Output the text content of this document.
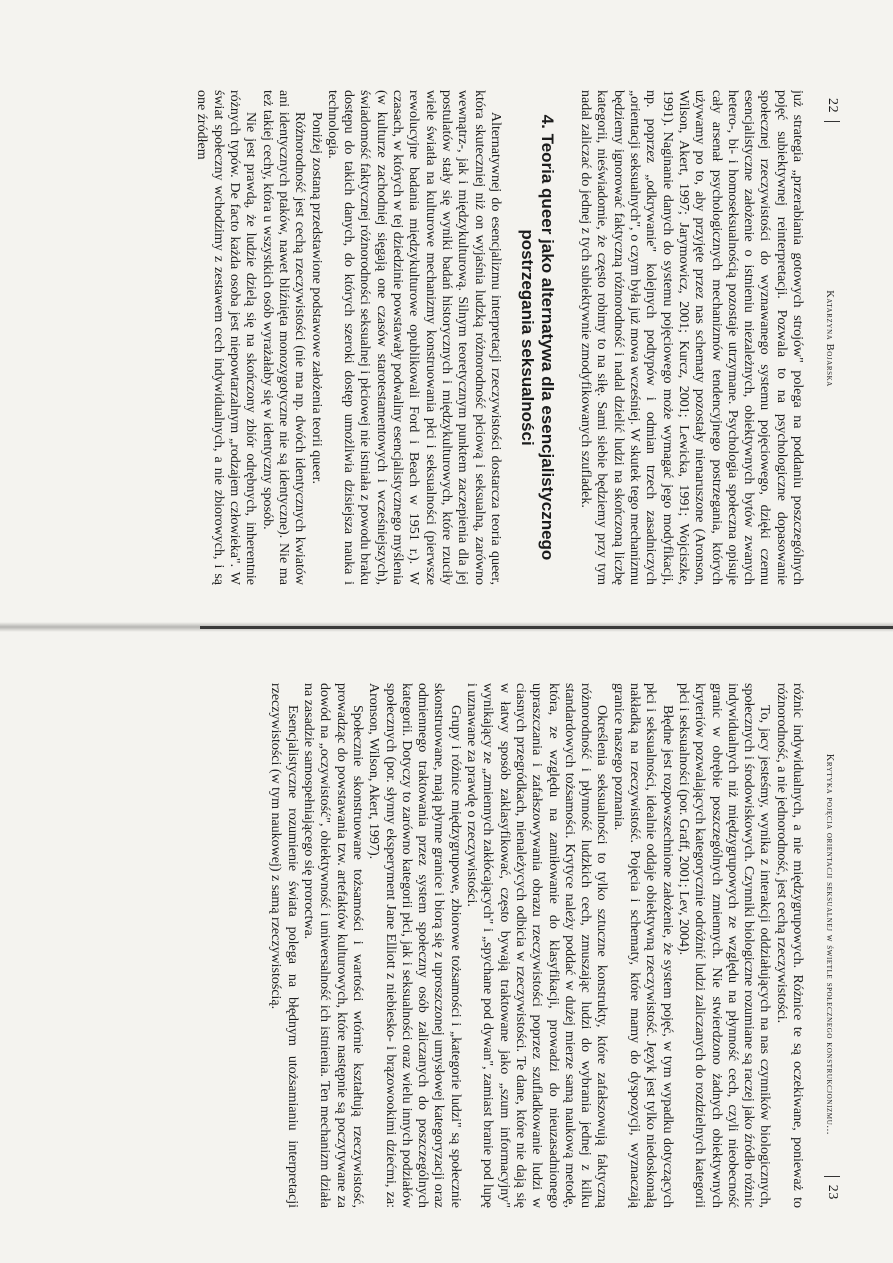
22
Katarzyna Bojarska

już strategia „przerabiania gotowych strojów" polega na poddaniu poszczególnych pojęć subiektywnej reinterpretacji. Pozwala to na psychologiczne dopasowanie społecznej rzeczywistości do wyznawanego systemu pojęciowego, dzięki czemu esencjalistyczne założenie o istnieniu niezależnych, obiektywnych bytów zwanych hetero-, bi- i homoseksualnością pozostaje utrzymane. Psychologia społeczna opisuje cały arsenał psychologicznych mechanizmów tendencyjnego postrzegania, których używamy po to, aby przyjęte przez nas schematy pozostały nienaruszone (Aronson, Wilson, Akert, 1997; Jarymowicz, 2001; Kurcz, 2001; Lewicka, 1991; Wojciszke, 1991). Naginanie danych do systemu pojęciowego może wymagać jego modyfikacji, np. poprzez „odkrywanie" kolejnych podtypów i odmian trzech zasadniczych „orientacji seksualnych", o czym była już mowa wcześniej. W skutek tego mechanizmu będziemy ignorować faktyczną różnorodność i nadal dzielić ludzi na skończoną liczbę kategorii, nieświadomie, że często robimy to na siłę. Sami siebie będziemy przy tym nadal zaliczać do jednej z tych subiektywnie zmodyfikowanych szufladek.

4. Teoria queer jako alternatywa dla esencjalistycznego postrzegania seksualności

Alternatywnej do esencjalizmu interpretacji rzeczywistości dostarcza teoria queer, która skuteczniej niż on wyjaśnia ludzką różnorodność płciową i seksualną, zarówno wewnątrz-, jak i międzykulturową. Silnym teoretycznym punktem zaczepienia dla jej postulatów stały się wyniki badań historycznych i międzykulturowych, które rzuciły wiele światła na kulturowe mechanizmy konstruowania płci i seksualności (pierwsze rewolucyjne badania międzykulturowe opublikowali Ford i Beach w 1951 r.). W czasach, w których w tej dziedzinie powstawały podwaliny esencjalistycznego myślenia (w kulturze zachodniej sięgają one czasów starotestamentowych i wcześniejszych), świadomość faktycznej różnorodności seksualnej i płciowej nie istniała z powodu braku dostępu do takich danych, do których szeroki dostęp umożliwia dzisiejsza nauka i technologia.

Poniżej zostaną przedstawione podstawowe założenia teorii queer.

Różnorodność jest cechą rzeczywistości (nie ma np. dwóch identycznych kwiatów ani identycznych ptaków, nawet bliźnięta monozygotyczne nie są identyczne). Nie ma też takiej cechy, która u wszystkich osób wyrażałaby się w identyczny sposób.

Nie jest prawdą, że ludzie dzielą się na skończony zbiór odrębnych, inherentnie różnych typów. De facto każda osoba jest niepowtarzalnym „rodzajem człowieka". W świat społeczny wchodzimy z zestawem cech indywidualnych, a nie zbiorowych, i są one źródłem

Krytyka pojęcia orientacji seksualnej w świetle społecznego konstrukcjonizmu...
23

różnic indywidualnych, a nie międzygrupowych. Różnice te są oczekiwane, ponieważ to różnorodność, a nie jednorodność, jest cechą rzeczywistości.

To, jacy jesteśmy, wynika z interakcji oddziałujących na nas czynników biologicznych, społecznych i środowiskowych. Czynniki biologiczne rozumiane są raczej jako źródło różnic indywidualnych niż międzygrupowych ze względu na płynność cech, czyli nieobecność granic w obrębie poszczególnych zmiennych. Nie stwierdzono żadnych obiektywnych kryteriów pozwalających kategorycznie odróżnić ludzi zaliczanych do rozdzielnych kategorii płci i seksualności (por. Graff, 2001; Lev, 2004).

Błędne jest rozpowszechnione założenie, że system pojęć, w tym wypadku dotyczących płci i seksualności, idealnie oddaje obiektywną rzeczywistość. Język jest tylko niedoskonałą nakładką na rzeczywistość. Pojęcia i schematy, które mamy do dyspozycji, wyznaczają granice naszego poznania.

Określenia seksualności to tylko sztuczne konstrukty, które zafałszowują faktyczną różnorodność i płynność ludzkich cech, zmuszając ludzi do wybrania jednej z kilku standardowych tożsamości. Krytyce należy poddać w dużej mierze samą naukową metodę, która, ze względu na zamiłowanie do klasyfikacji, prowadzi do nieuzasadnionego upraszczania i zafałszowywania obrazu rzeczywistości poprzez szufladkowanie ludzi w ciasnych przegródkach, nienależycych odbicia w rzeczywistości. Te dane, które nie dają się w łatwy sposób zaklasyfikować, często bywają traktowane jako „szum informacyjny" wynikający ze „zmiennych zakłócających" i „spychane pod dywan", zamiast branie pod lupę i uznawane za prawdę o rzeczywistości.

Grupy i różnice międzygrupowe, zbiorowe tożsamości i „kategorie ludzi" są społecznie skonstruowane, mają płynne granice i biorą się z uproszczonej umysłowej kategoryzacji oraz odmiennego traktowania przez system społeczny osób zaliczanych do poszczególnych kategorii. Dotyczy to zarówno kategorii płci, jak i seksualności oraz wielu innych podziałów społecznych (por. słynny eksperyment Jane Elliott z niebiesko- i brązowookimi dziećmi, za: Aronson, Wilson, Akert, 1997).

Społecznie skonstruowane tożsamości i wartości wtórnie kształtują rzeczywistość, prowadząc do powstawania tzw. artefaktów kulturowych, które następnie są poczytywane za dowód na „oczywistość", obiektywność i uniwersalność ich istnienia. Ten mechanizm działa na zasadzie samospełniającego się proroctwa.

Esencjalistyczne rozumienie świata polega na błędnym utożsamianiu interpretacji rzeczywistości (w tym naukowej) z samą rzeczywistością.
